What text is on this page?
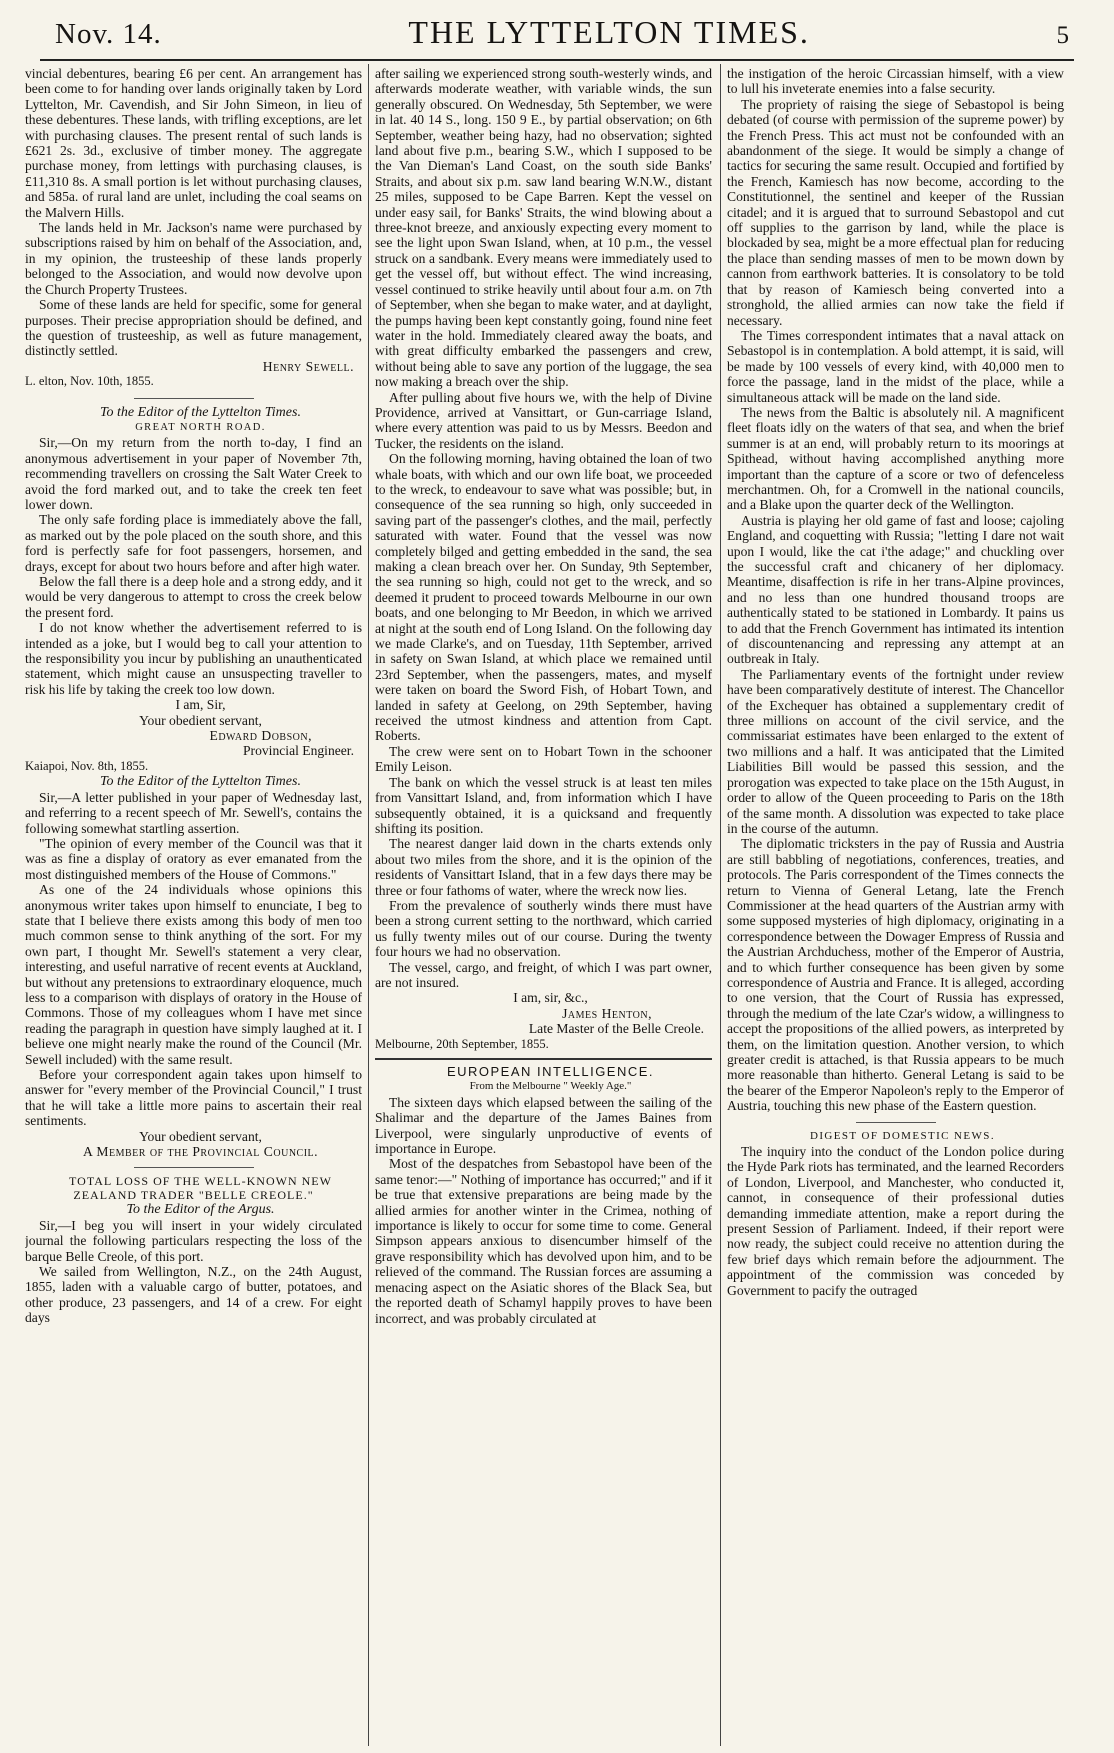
Nov. 14.	THE LYTTELTON TIMES.	5

vincial debentures, bearing £6 per cent. An arrangement has been come to for handing over lands originally taken by Lord Lyttelton, Mr. Cavendish, and Sir John Simeon, in lieu of these debentures. These lands, with trifling exceptions, are let with purchasing clauses. The present rental of such lands is £621 2s. 3d., exclusive of timber money. The aggregate purchase money, from lettings with purchasing clauses, is £11,310 8s. A small portion is let without purchasing clauses, and 585a. of rural land are unlet, including the coal seams on the Malvern Hills.

The lands held in Mr. Jackson's name were purchased by subscriptions raised by him on behalf of the Association, and, in my opinion, the trusteeship of these lands properly belonged to the Association, and would now devolve upon the Church Property Trustees.

Some of these lands are held for specific, some for general purposes. Their precise appropriation should be defined, and the question of trusteeship, as well as future management, distinctly settled.

Henry Sewell.

L. elton, Nov. 10th, 1855.

To the Editor of the Lyttelton Times.

GREAT NORTH ROAD.

Sir,—On my return from the north to-day, I find an anonymous advertisement in your paper of November 7th, recommending travellers on crossing the Salt Water Creek to avoid the ford marked out, and to take the creek ten feet lower down.

The only safe fording place is immediately above the fall, as marked out by the pole placed on the south shore, and this ford is perfectly safe for foot passengers, horsemen, and drays, except for about two hours before and after high water.

Below the fall there is a deep hole and a strong eddy, and it would be very dangerous to attempt to cross the creek below the present ford.

I do not know whether the advertisement referred to is intended as a joke, but I would beg to call your attention to the responsibility you incur by publishing an unauthenticated statement, which might cause an unsuspecting traveller to risk his life by taking the creek too low down.

I am, Sir,

Your obedient servant,

Edward Dobson,

Provincial Engineer.

Kaiapoi, Nov. 8th, 1855.

To the Editor of the Lyttelton Times.

Sir,—A letter published in your paper of Wednesday last, and referring to a recent speech of Mr. Sewell's, contains the following somewhat startling assertion.

"The opinion of every member of the Council was that it was as fine a display of oratory as ever emanated from the most distinguished members of the House of Commons."

As one of the 24 individuals whose opinions this anonymous writer takes upon himself to enunciate, I beg to state that I believe there exists among this body of men too much common sense to think anything of the sort. For my own part, I thought Mr. Sewell's statement a very clear, interesting, and useful narrative of recent events at Auckland, but without any pretensions to extraordinary eloquence, much less to a comparison with displays of oratory in the House of Commons. Those of my colleagues whom I have met since reading the paragraph in question have simply laughed at it. I believe one might nearly make the round of the Council (Mr. Sewell included) with the same result.

Before your correspondent again takes upon himself to answer for "every member of the Provincial Council," I trust that he will take a little more pains to ascertain their real sentiments.

Your obedient servant,

A Member of the Provincial Council.

TOTAL LOSS OF THE WELL-KNOWN NEW ZEALAND TRADER "BELLE CREOLE."

To the Editor of the Argus.

Sir,—I beg you will insert in your widely circulated journal the following particulars respecting the loss of the barque Belle Creole, of this port.

We sailed from Wellington, N.Z., on the 24th August, 1855, laden with a valuable cargo of butter, potatoes, and other produce, 23 passengers, and 14 of a crew. For eight days

after sailing we experienced strong south-westerly winds, and afterwards moderate weather, with variable winds, the sun generally obscured. On Wednesday, 5th September, we were in lat. 40 14 S., long. 150 9 E., by partial observation; on 6th September, weather being hazy, had no observation; sighted land about five p.m., bearing S.W., which I supposed to be the Van Dieman's Land Coast, on the south side Banks' Straits, and about six p.m. saw land bearing W.N.W., distant 25 miles, supposed to be Cape Barren. Kept the vessel on under easy sail, for Banks' Straits, the wind blowing about a three-knot breeze, and anxiously expecting every moment to see the light upon Swan Island, when, at 10 p.m., the vessel struck on a sandbank. Every means were immediately used to get the vessel off, but without effect. The wind increasing, vessel continued to strike heavily until about four a.m. on 7th of September, when she began to make water, and at daylight, the pumps having been kept constantly going, found nine feet water in the hold. Immediately cleared away the boats, and with great difficulty embarked the passengers and crew, without being able to save any portion of the luggage, the sea now making a breach over the ship.

After pulling about five hours we, with the help of Divine Providence, arrived at Vansittart, or Gun-carriage Island, where every attention was paid to us by Messrs. Beedon and Tucker, the residents on the island.

On the following morning, having obtained the loan of two whale boats, with which and our own life boat, we proceeded to the wreck, to endeavour to save what was possible; but, in consequence of the sea running so high, only succeeded in saving part of the passenger's clothes, and the mail, perfectly saturated with water. Found that the vessel was now completely bilged and getting embedded in the sand, the sea making a clean breach over her. On Sunday, 9th September, the sea running so high, could not get to the wreck, and so deemed it prudent to proceed towards Melbourne in our own boats, and one belonging to Mr Beedon, in which we arrived at night at the south end of Long Island. On the following day we made Clarke's, and on Tuesday, 11th September, arrived in safety on Swan Island, at which place we remained until 23rd September, when the passengers, mates, and myself were taken on board the Sword Fish, of Hobart Town, and landed in safety at Geelong, on 29th September, having received the utmost kindness and attention from Capt. Roberts.

The crew were sent on to Hobart Town in the schooner Emily Leison.

The bank on which the vessel struck is at least ten miles from Vansittart Island, and, from information which I have subsequently obtained, it is a quicksand and frequently shifting its position.

The nearest danger laid down in the charts extends only about two miles from the shore, and it is the opinion of the residents of Vansittart Island, that in a few days there may be three or four fathoms of water, where the wreck now lies.

From the prevalence of southerly winds there must have been a strong current setting to the northward, which carried us fully twenty miles out of our course. During the twenty four hours we had no observation.

The vessel, cargo, and freight, of which I was part owner, are not insured.

I am, sir, &c.,

James Henton,

Late Master of the Belle Creole.

Melbourne, 20th September, 1855.

EUROPEAN INTELLIGENCE.

From the Melbourne " Weekly Age."

The sixteen days which elapsed between the sailing of the Shalimar and the departure of the James Baines from Liverpool, were singularly unproductive of events of importance in Europe.

Most of the despatches from Sebastopol have been of the same tenor:—" Nothing of importance has occurred;" and if it be true that extensive preparations are being made by the allied armies for another winter in the Crimea, nothing of importance is likely to occur for some time to come. General Simpson appears anxious to disencumber himself of the grave responsibility which has devolved upon him, and to be relieved of the command. The Russian forces are assuming a menacing aspect on the Asiatic shores of the Black Sea, but the reported death of Schamyl happily proves to have been incorrect, and was probably circulated at

the instigation of the heroic Circassian himself, with a view to lull his inveterate enemies into a false security.

The propriety of raising the siege of Sebastopol is being debated (of course with permission of the supreme power) by the French Press. This act must not be confounded with an abandonment of the siege. It would be simply a change of tactics for securing the same result. Occupied and fortified by the French, Kamiesch has now become, according to the Constitutionnel, the sentinel and keeper of the Russian citadel; and it is argued that to surround Sebastopol and cut off supplies to the garrison by land, while the place is blockaded by sea, might be a more effectual plan for reducing the place than sending masses of men to be mown down by cannon from earthwork batteries. It is consolatory to be told that by reason of Kamiesch being converted into a stronghold, the allied armies can now take the field if necessary.

The Times correspondent intimates that a naval attack on Sebastopol is in contemplation. A bold attempt, it is said, will be made by 100 vessels of every kind, with 40,000 men to force the passage, land in the midst of the place, while a simultaneous attack will be made on the land side.

The news from the Baltic is absolutely nil. A magnificent fleet floats idly on the waters of that sea, and when the brief summer is at an end, will probably return to its moorings at Spithead, without having accomplished anything more important than the capture of a score or two of defenceless merchantmen. Oh, for a Cromwell in the national councils, and a Blake upon the quarter deck of the Wellington.

Austria is playing her old game of fast and loose; cajoling England, and coquetting with Russia; "letting I dare not wait upon I would, like the cat i'the adage;" and chuckling over the successful craft and chicanery of her diplomacy. Meantime, disaffection is rife in her trans-Alpine provinces, and no less than one hundred thousand troops are authentically stated to be stationed in Lombardy. It pains us to add that the French Government has intimated its intention of discountenancing and repressing any attempt at an outbreak in Italy.

The Parliamentary events of the fortnight under review have been comparatively destitute of interest. The Chancellor of the Exchequer has obtained a supplementary credit of three millions on account of the civil service, and the commissariat estimates have been enlarged to the extent of two millions and a half. It was anticipated that the Limited Liabilities Bill would be passed this session, and the prorogation was expected to take place on the 15th August, in order to allow of the Queen proceeding to Paris on the 18th of the same month. A dissolution was expected to take place in the course of the autumn.

The diplomatic tricksters in the pay of Russia and Austria are still babbling of negotiations, conferences, treaties, and protocols. The Paris correspondent of the Times connects the return to Vienna of General Letang, late the French Commissioner at the head quarters of the Austrian army with some supposed mysteries of high diplomacy, originating in a correspondence between the Dowager Empress of Russia and the Austrian Archduchess, mother of the Emperor of Austria, and to which further consequence has been given by some correspondence of Austria and France. It is alleged, according to one version, that the Court of Russia has expressed, through the medium of the late Czar's widow, a willingness to accept the propositions of the allied powers, as interpreted by them, on the limitation question. Another version, to which greater credit is attached, is that Russia appears to be much more reasonable than hitherto. General Letang is said to be the bearer of the Emperor Napoleon's reply to the Emperor of Austria, touching this new phase of the Eastern question.

DIGEST OF DOMESTIC NEWS.

The inquiry into the conduct of the London police during the Hyde Park riots has terminated, and the learned Recorders of London, Liverpool, and Manchester, who conducted it, cannot, in consequence of their professional duties demanding immediate attention, make a report during the present Session of Parliament. Indeed, if their report were now ready, the subject could receive no attention during the few brief days which remain before the adjournment. The appointment of the commission was conceded by Government to pacify the outraged
